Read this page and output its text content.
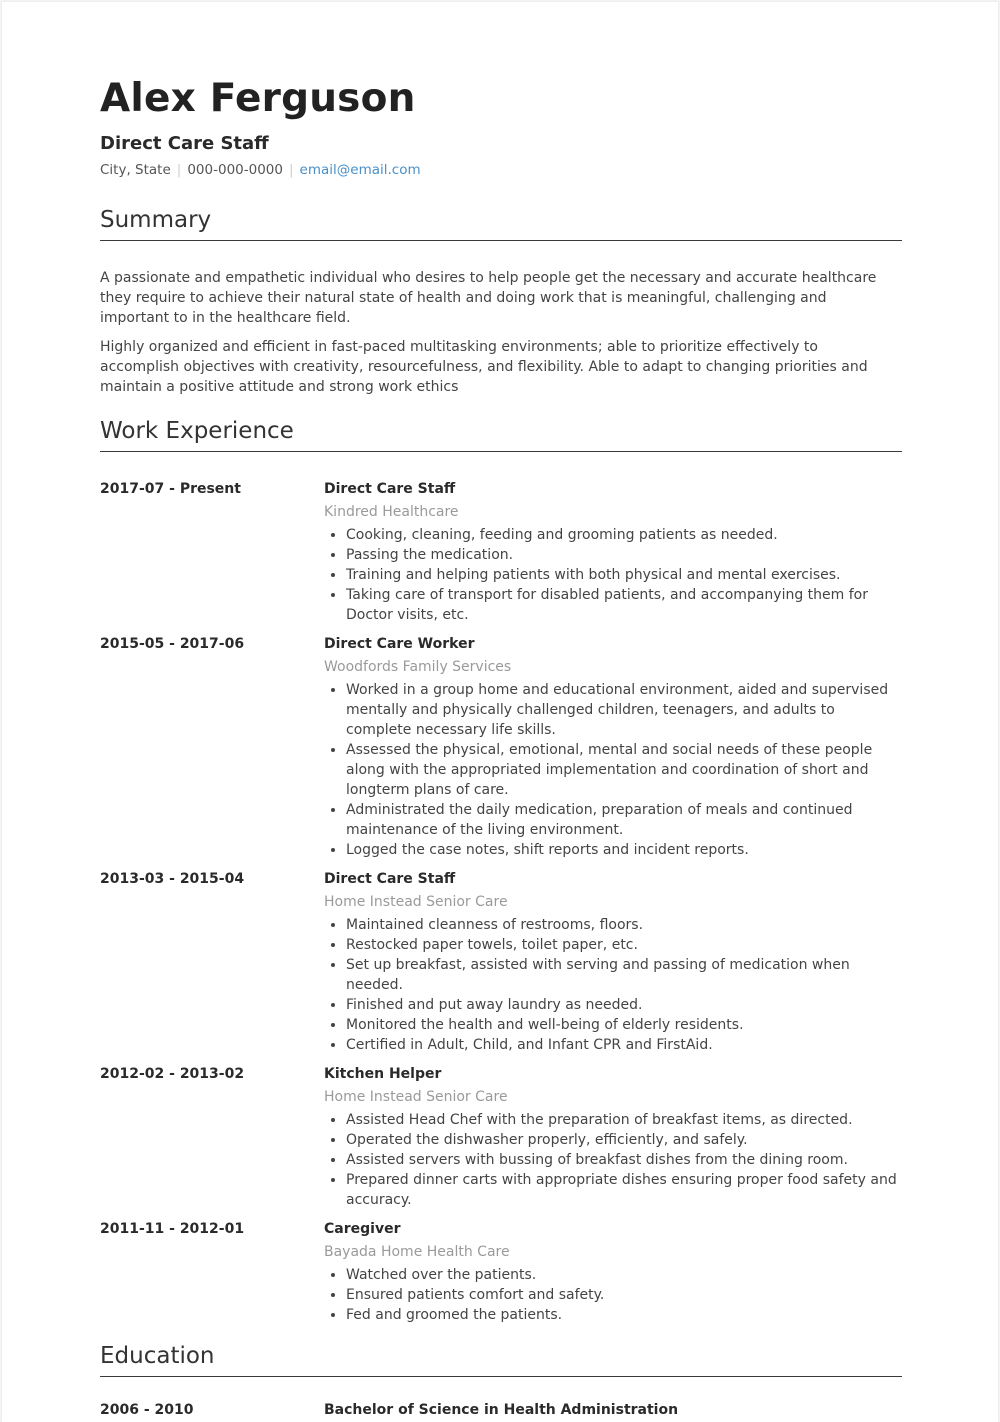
Alex Ferguson
Direct Care Staff
City, State | 000-000-0000 | email@email.com
Summary

A passionate and empathetic individual who desires to help people get the necessary and accurate healthcare they require to achieve their natural state of health and doing work that is meaningful, challenging and important to in the healthcare field.

Highly organized and efficient in fast-paced multitasking environments; able to prioritize effectively to accomplish objectives with creativity, resourcefulness, and flexibility. Able to adapt to changing priorities and maintain a positive attitude and strong work ethics

Work Experience
2017-07 - Present	Direct Care Staff
Kindred Healthcare
• Cooking, cleaning, feeding and grooming patients as needed.
• Passing the medication.
• Training and helping patients with both physical and mental exercises.
• Taking care of transport for disabled patients, and accompanying them for Doctor visits, etc.
2015-05 - 2017-06	Direct Care Worker
Woodfords Family Services
• Worked in a group home and educational environment, aided and supervised mentally and physically challenged children, teenagers, and adults to complete necessary life skills.
• Assessed the physical, emotional, mental and social needs of these people along with the appropriated implementation and coordination of short and longterm plans of care.
• Administrated the daily medication, preparation of meals and continued maintenance of the living environment.
• Logged the case notes, shift reports and incident reports.
2013-03 - 2015-04	Direct Care Staff
Home Instead Senior Care
• Maintained cleanness of restrooms, floors.
• Restocked paper towels, toilet paper, etc.
• Set up breakfast, assisted with serving and passing of medication when needed.
• Finished and put away laundry as needed.
• Monitored the health and well-being of elderly residents.
• Certified in Adult, Child, and Infant CPR and FirstAid.
2012-02 - 2013-02	Kitchen Helper
Home Instead Senior Care
• Assisted Head Chef with the preparation of breakfast items, as directed.
• Operated the dishwasher properly, efficiently, and safely.
• Assisted servers with bussing of breakfast dishes from the dining room.
• Prepared dinner carts with appropriate dishes ensuring proper food safety and accuracy.
2011-11 - 2012-01	Caregiver
Bayada Home Health Care
• Watched over the patients.
• Ensured patients comfort and safety.
• Fed and groomed the patients.
Education
2006 - 2010	Bachelor of Science in Health Administration
